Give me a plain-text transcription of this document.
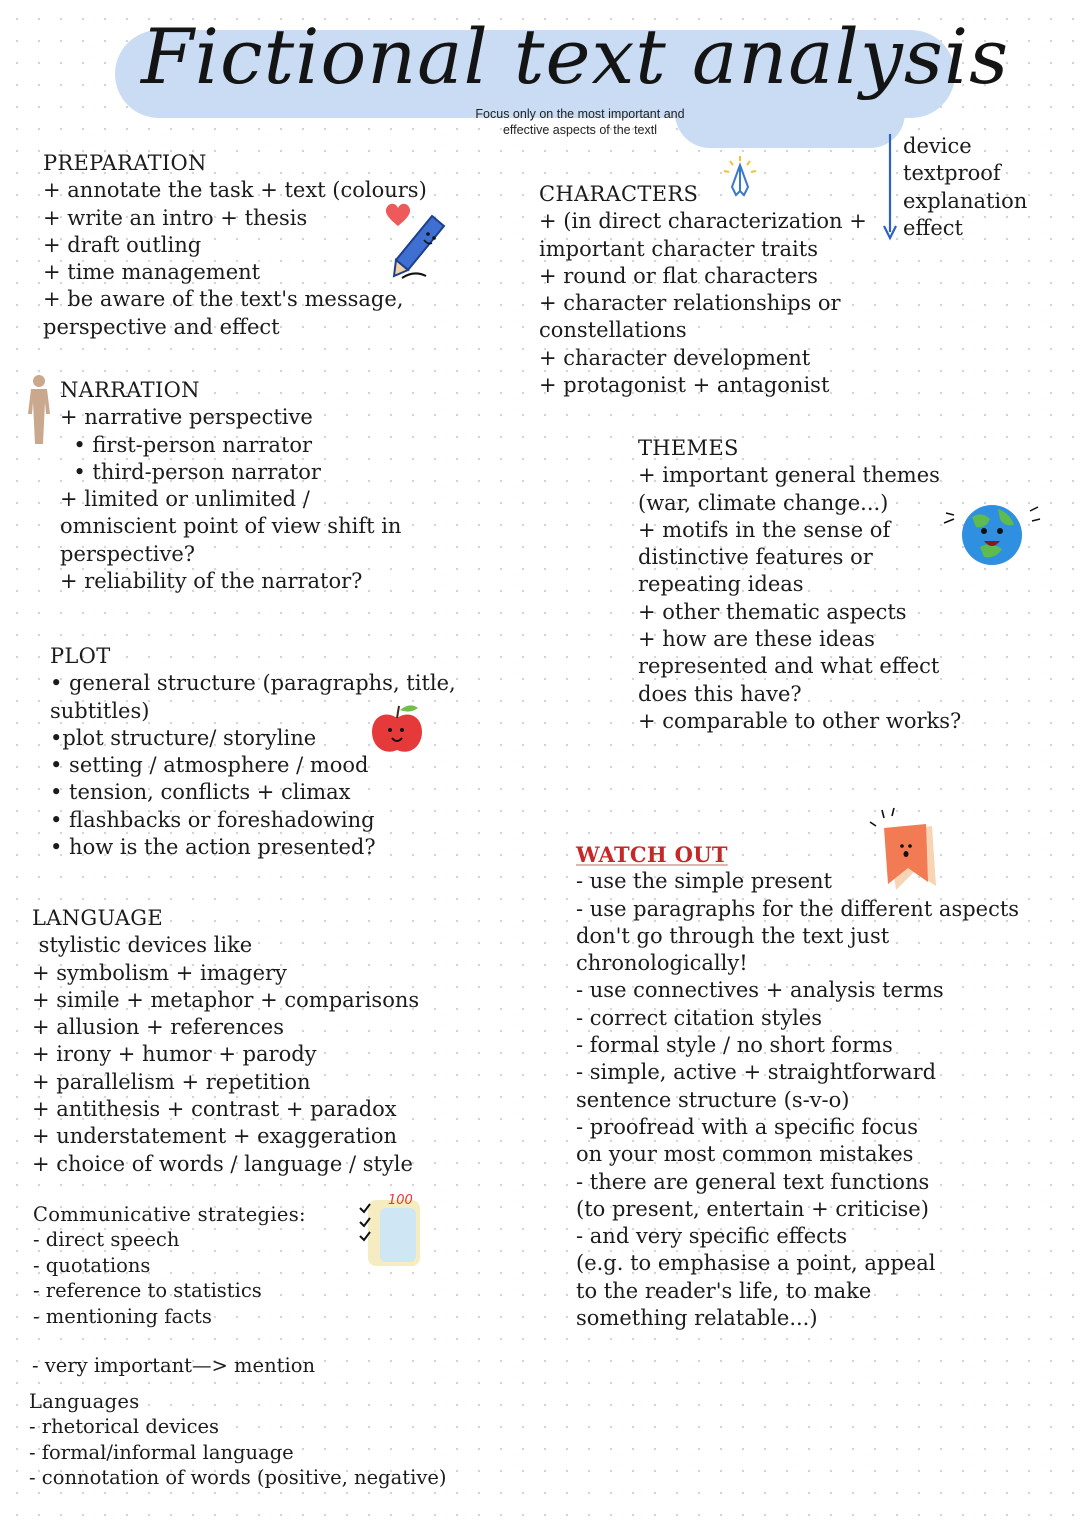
Fictional text analysis
Focus only on the most important and effective aspects of the textl
PREPARATION
+ annotate the task + text (colours)
+ write an intro + thesis
+ draft outling
+ time management
+ be aware of the text's message,
perspective and effect
NARRATION
+ narrative perspective
• first-person narrator
• third-person narrator
+ limited or unlimited /
omniscient point of view shift in
perspective?
+ reliability of the narrator?
PLOT
• general structure (paragraphs, title,
subtitles)
•plot structure/ storyline
• setting / atmosphere / mood
• tension, conflicts + climax
• flashbacks or foreshadowing
• how is the action presented?
LANGUAGE
stylistic devices like
+ symbolism + imagery
+ simile + metaphor + comparisons
+ allusion + references
+ irony + humor + parody
+ parallelism + repetition
+ antithesis + contrast + paradox
+ understatement + exaggeration
+ choice of words / language / style
Communicative strategies:
- direct speech
- quotations
- reference to statistics
- mentioning facts
100
- very important—> mention
Languages
- rhetorical devices
- formal/informal language
- connotation of words (positive, negative)
CHARACTERS
+ (in direct characterization +
important character traits
+ round or flat characters
+ character relationships or
constellations
+ character development
+ protagonist + antagonist
device
textproof
explanation
effect
THEMES
+ important general themes
(war, climate change...)
+ motifs in the sense of
distinctive features or
repeating ideas
+ other thematic aspects
+ how are these ideas
represented and what effect
does this have?
+ comparable to other works?
WATCH OUT
- use the simple present
- use paragraphs for the different aspects
don't go through the text just
chronologically!
- use connectives + analysis terms
- correct citation styles
- formal style / no short forms
- simple, active + straightforward
sentence structure (s-v-o)
- proofread with a specific focus
on your most common mistakes
- there are general text functions
(to present, entertain + criticise)
- and very specific effects
(e.g. to emphasise a point, appeal
to the reader's life, to make
something relatable...)
